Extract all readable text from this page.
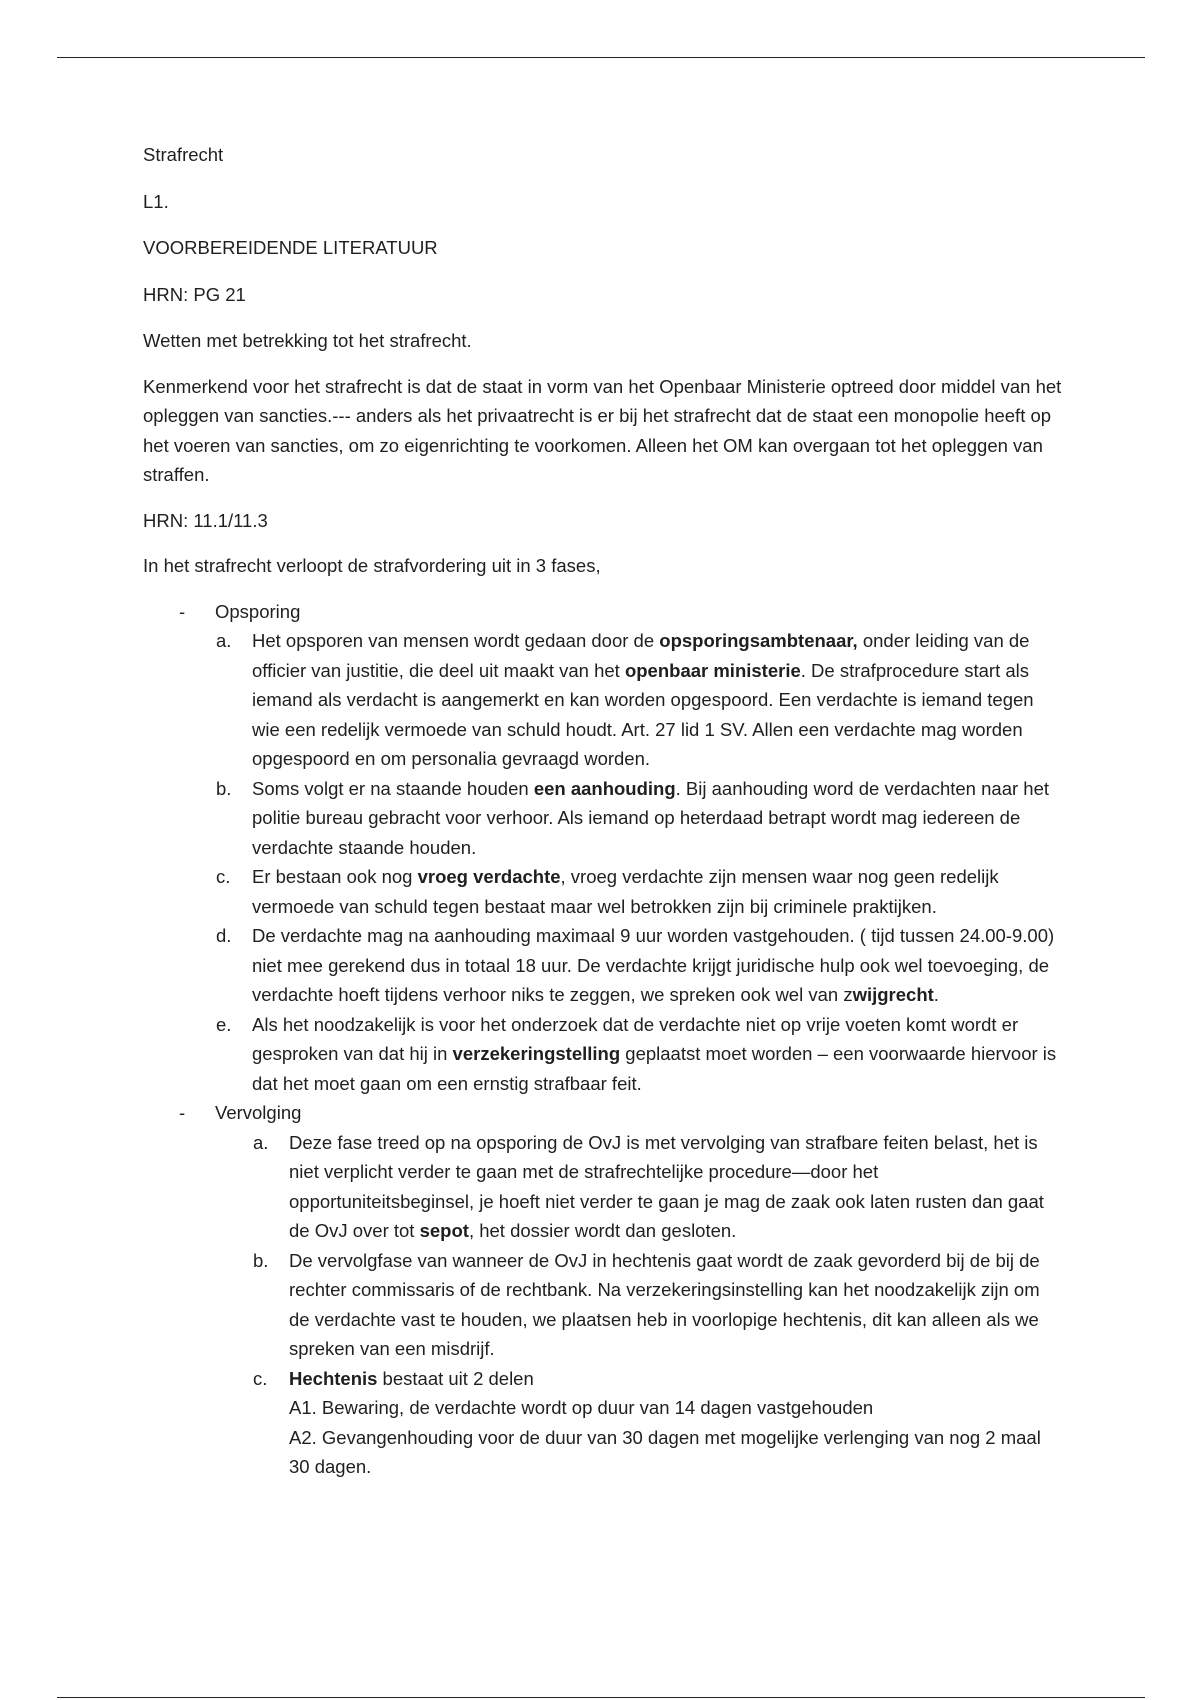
Strafrecht

L1.

VOORBEREIDENDE LITERATUUR

HRN: PG 21

Wetten met betrekking tot het strafrecht.

Kenmerkend voor het strafrecht is dat de staat in vorm van het Openbaar Ministerie optreed door middel van het opleggen van sancties.--- anders als het privaatrecht is er bij het strafrecht dat de staat een monopolie heeft op het voeren van sancties, om zo eigenrichting te voorkomen. Alleen het OM kan overgaan tot het opleggen van straffen.

HRN: 11.1/11.3

In het strafrecht verloopt de strafvordering uit in 3 fases,

- Opsporing

a. Het opsporen van mensen wordt gedaan door de opsporingsambtenaar, onder leiding van de officier van justitie, die deel uit maakt van het openbaar ministerie. De strafprocedure start als iemand als verdacht is aangemerkt en kan worden opgespoord. Een verdachte is iemand tegen wie een redelijk vermoede van schuld houdt. Art. 27 lid 1 SV. Allen een verdachte mag worden opgespoord en om personalia gevraagd worden.
b. Soms volgt er na staande houden een aanhouding. Bij aanhouding word de verdachten naar het politie bureau gebracht voor verhoor. Als iemand op heterdaad betrapt wordt mag iedereen de verdachte staande houden.
c. Er bestaan ook nog vroeg verdachte, vroeg verdachte zijn mensen waar nog geen redelijk vermoede van schuld tegen bestaat maar wel betrokken zijn bij criminele praktijken.
d. De verdachte mag na aanhouding maximaal 9 uur worden vastgehouden. ( tijd tussen 24.00-9.00) niet mee gerekend dus in totaal 18 uur. De verdachte krijgt juridische hulp ook wel toevoeging, de verdachte hoeft tijdens verhoor niks te zeggen, we spreken ook wel van zwijgrecht.
e. Als het noodzakelijk is voor het onderzoek dat de verdachte niet op vrije voeten komt wordt er gesproken van dat hij in verzekeringstelling geplaatst moet worden – een voorwaarde hiervoor is dat het moet gaan om een ernstig strafbaar feit.

- Vervolging

a. Deze fase treed op na opsporing de OvJ is met vervolging van strafbare feiten belast, het is niet verplicht verder te gaan met de strafrechtelijke procedure—door het opportuniteitsbeginsel, je hoeft niet verder te gaan je mag de zaak ook laten rusten dan gaat de OvJ over tot sepot, het dossier wordt dan gesloten.
b. De vervolgfase van wanneer de OvJ in hechtenis gaat wordt de zaak gevorderd bij de bij de rechter commissaris of de rechtbank. Na verzekeringsinstelling kan het noodzakelijk zijn om de verdachte vast te houden, we plaatsen heb in voorlopige hechtenis, dit kan alleen als we spreken van een misdrijf.
c. Hechtenis bestaat uit 2 delen

A1. Bewaring, de verdachte wordt op duur van 14 dagen vastgehouden

A2. Gevangenhouding voor de duur van 30 dagen met mogelijke verlenging van nog 2 maal 30 dagen.
